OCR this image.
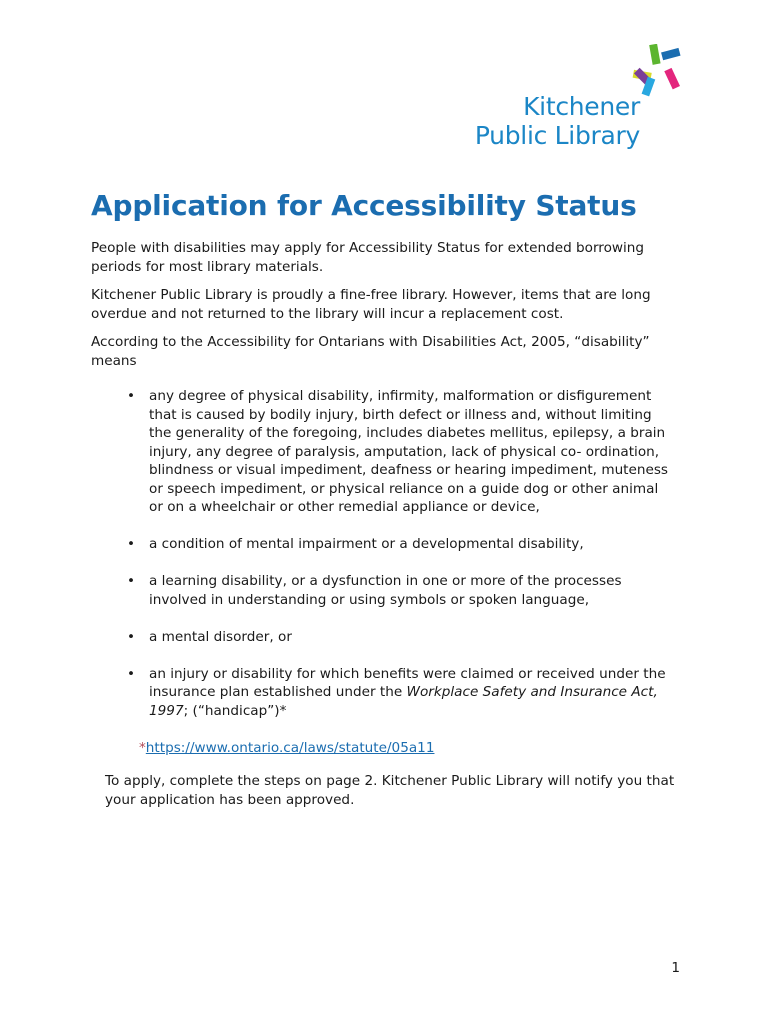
Kitchener
Public Library
Application for Accessibility Status

People with disabilities may apply for Accessibility Status for extended borrowing periods for most library materials.

Kitchener Public Library is proudly a fine-free library. However, items that are long overdue and not returned to the library will incur a replacement cost.

According to the Accessibility for Ontarians with Disabilities Act, 2005, “disability” means

• any degree of physical disability, infirmity, malformation or disfigurement that is caused by bodily injury, birth defect or illness and, without limiting the generality of the foregoing, includes diabetes mellitus, epilepsy, a brain injury, any degree of paralysis, amputation, lack of physical co- ordination, blindness or visual impediment, deafness or hearing impediment, muteness or speech impediment, or physical reliance on a guide dog or other animal or on a wheelchair or other remedial appliance or device,
• a condition of mental impairment or a developmental disability,
• a learning disability, or a dysfunction in one or more of the processes involved in understanding or using symbols or spoken language,
• a mental disorder, or
• an injury or disability for which benefits were claimed or received under the insurance plan established under the Workplace Safety and Insurance Act, 1997; (“handicap”)*

*https://www.ontario.ca/laws/statute/05a11

To apply, complete the steps on page 2. Kitchener Public Library will notify you that your application has been approved.

1
